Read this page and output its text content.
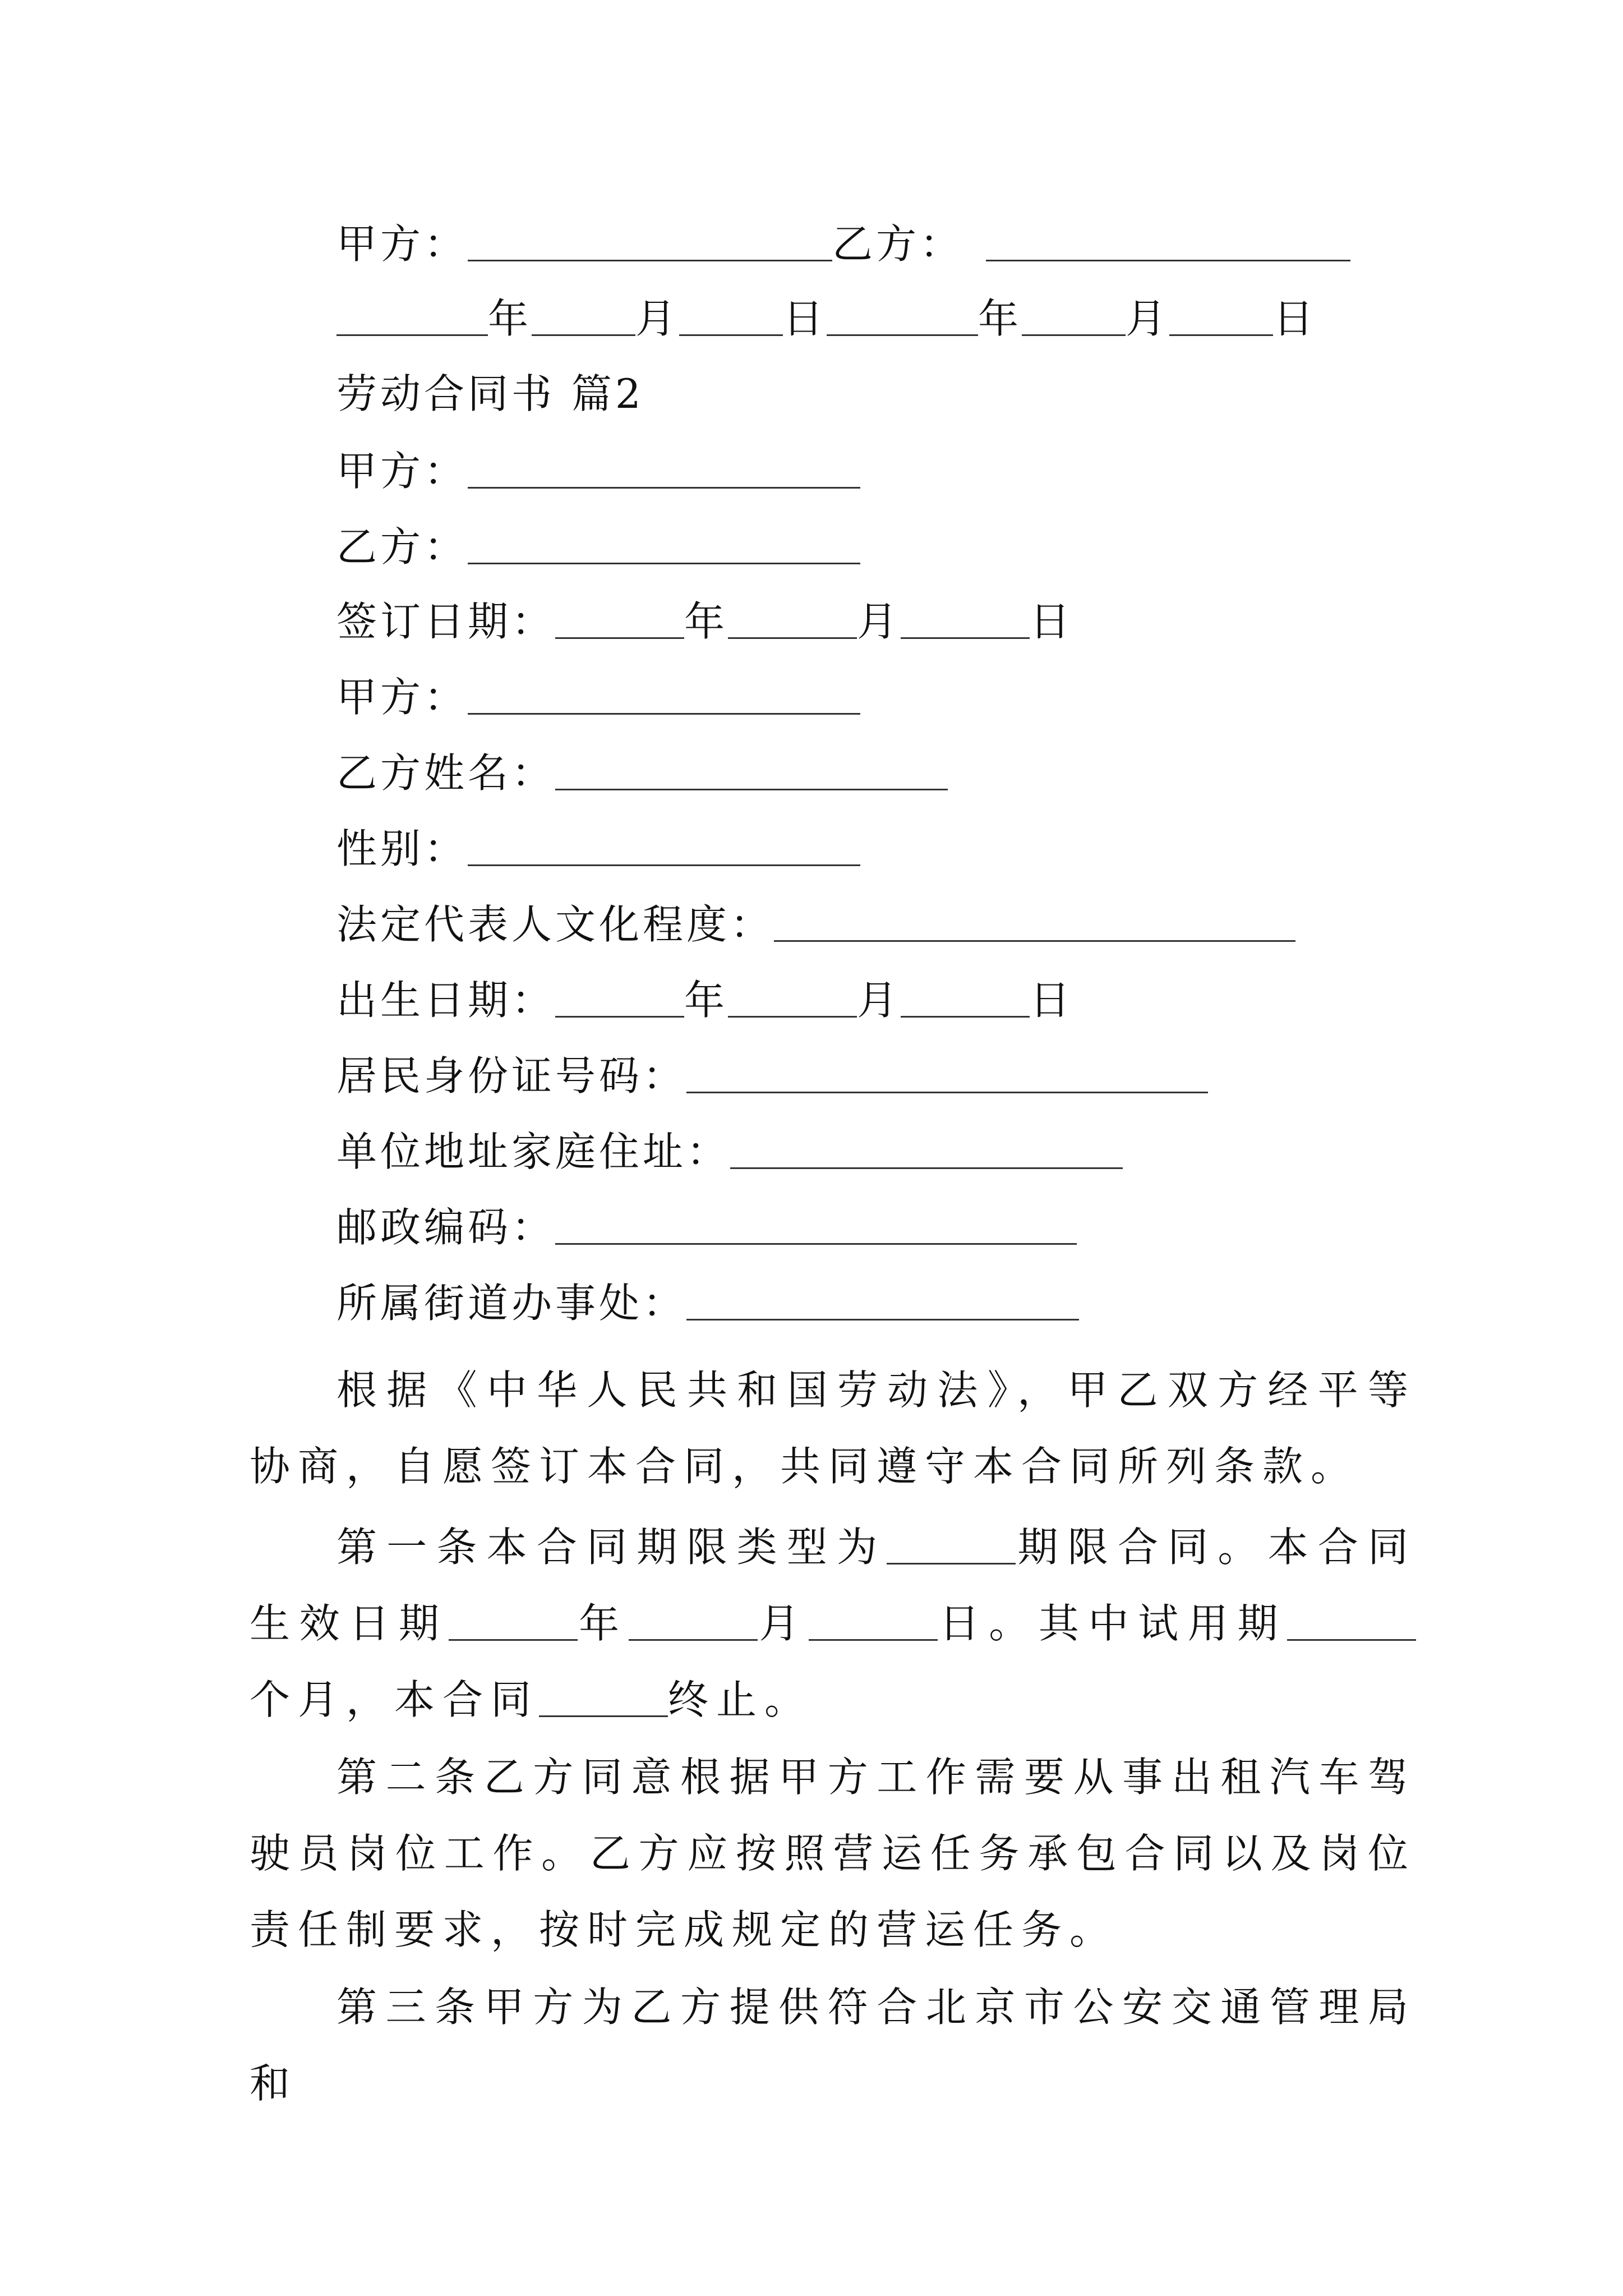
甲方：	乙方：
年	月	日	年	月	日
劳动合同书 篇2
甲方：
乙方：
签订日期：	年	月	日
甲方：
乙方姓名：
性别：
法定代表人文化程度：
出生日期：	年	月	日
居民身份证号码：
单位地址家庭住址：
邮政编码：
所属街道办事处：
根据《中华人民共和国劳动法》，甲乙双方经平等协商，自愿签订本合同，共同遵守本合同所列条款。
第一条本合同期限类型为	期限合同。本合同生效日期	年	月	日。其中试用期个月，本合同	终止。
第二条乙方同意根据甲方工作需要从事出租汽车驾驶员岗位工作。乙方应按照营运任务承包合同以及岗位责任制要求，按时完成规定的营运任务。
第三条甲方为乙方提供符合北京市公安交通管理局和
